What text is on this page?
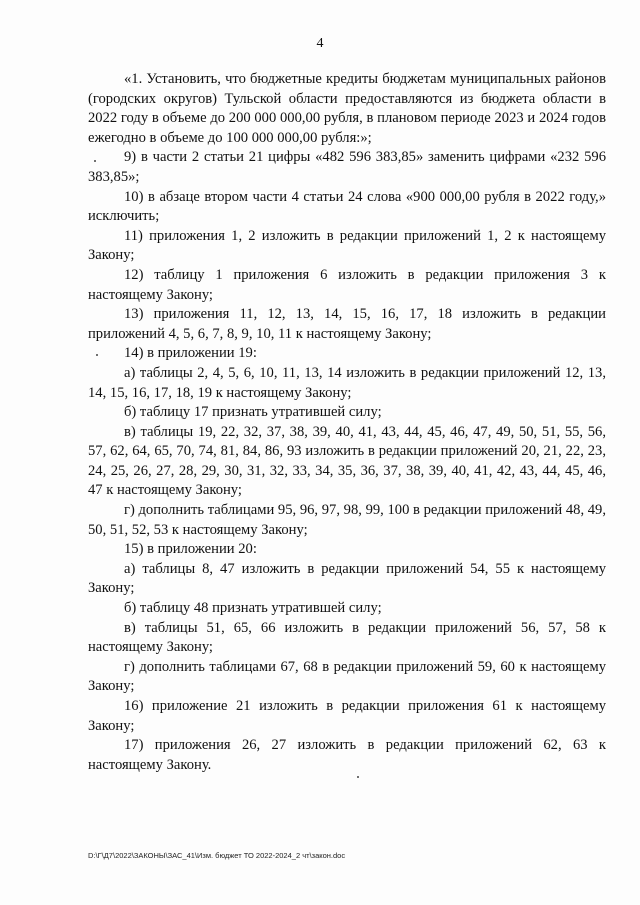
4

«1. Установить, что бюджетные кредиты бюджетам муниципальных районов (городских округов) Тульской области предоставляются из бюджета области в 2022 году в объеме до 200 000 000,00 рубля, в плановом периоде 2023 и 2024 годов ежегодно в объеме до 100 000 000,00 рубля:»;

9) в части 2 статьи 21 цифры «482 596 383,85» заменить цифрами «232 596 383,85»;

10) в абзаце втором части 4 статьи 24 слова «900 000,00 рубля в 2022 году,» исключить;

11) приложения 1, 2 изложить в редакции приложений 1, 2 к настоящему Закону;

12) таблицу 1 приложения 6 изложить в редакции приложения 3 к настоящему Закону;

13) приложения 11, 12, 13, 14, 15, 16, 17, 18 изложить в редакции приложений 4, 5, 6, 7, 8, 9, 10, 11 к настоящему Закону;

14) в приложении 19:

а) таблицы 2, 4, 5, 6, 10, 11, 13, 14 изложить в редакции приложений 12, 13, 14, 15, 16, 17, 18, 19 к настоящему Закону;

б) таблицу 17 признать утратившей силу;

в) таблицы 19, 22, 32, 37, 38, 39, 40, 41, 43, 44, 45, 46, 47, 49, 50, 51, 55, 56, 57, 62, 64, 65, 70, 74, 81, 84, 86, 93 изложить в редакции приложений 20, 21, 22, 23, 24, 25, 26, 27, 28, 29, 30, 31, 32, 33, 34, 35, 36, 37, 38, 39, 40, 41, 42, 43, 44, 45, 46, 47 к настоящему Закону;

г) дополнить таблицами 95, 96, 97, 98, 99, 100 в редакции приложений 48, 49, 50, 51, 52, 53 к настоящему Закону;

15) в приложении 20:

а) таблицы 8, 47 изложить в редакции приложений 54, 55 к настоящему Закону;

б) таблицу 48 признать утратившей силу;

в) таблицы 51, 65, 66 изложить в редакции приложений 56, 57, 58 к настоящему Закону;

г) дополнить таблицами 67, 68 в редакции приложений 59, 60 к настоящему Закону;

16) приложение 21 изложить в редакции приложения 61 к настоящему Закону;

17) приложения 26, 27 изложить в редакции приложений 62, 63 к настоящему Закону.

D:\Г\Д7\2022\ЗАКОНЫ\ЗАС_41\Изм. бюджет ТО 2022-2024_2 чт\закон.doc
